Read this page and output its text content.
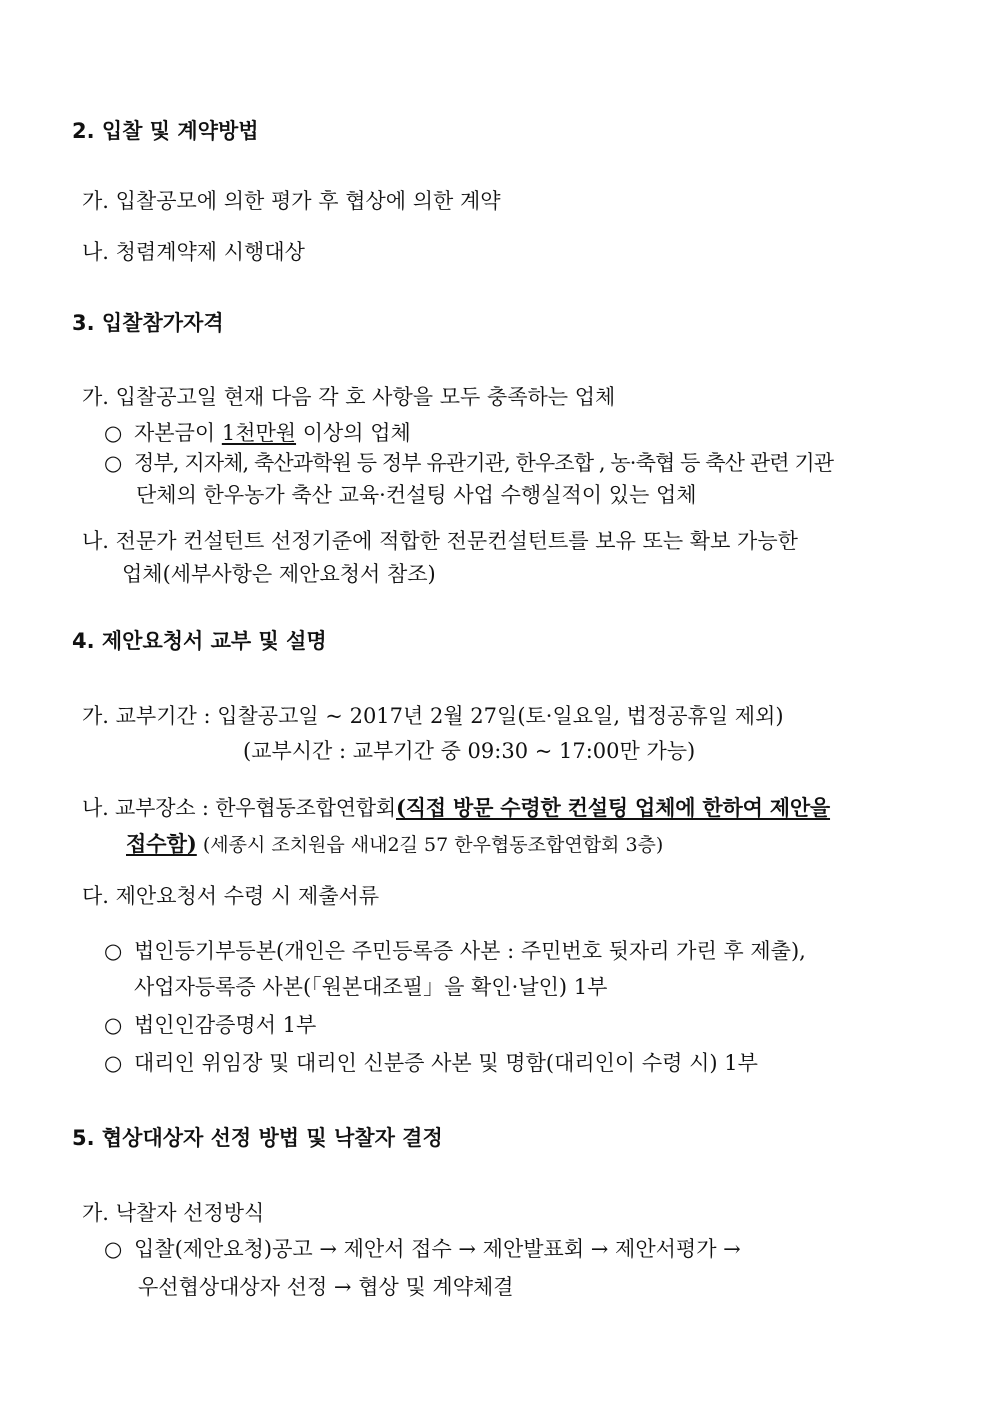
2. 입찰 및 계약방법
가. 입찰공모에 의한 평가 후 협상에 의한 계약
나. 청렴계약제 시행대상
3. 입찰참가자격
가. 입찰공고일 현재 다음 각 호 사항을 모두 충족하는 업체
○ 자본금이 1천만원 이상의 업체
○ 정부, 지자체, 축산과학원 등 정부 유관기관, 한우조합 , 농·축협 등 축산 관련 기관
단체의 한우농가 축산 교육·컨설팅 사업 수행실적이 있는 업체
나. 전문가 컨설턴트 선정기준에 적합한 전문컨설턴트를 보유 또는 확보 가능한
업체(세부사항은 제안요청서 참조)
4. 제안요청서 교부 및 설명
가. 교부기간 : 입찰공고일 ~ 2017년 2월 27일(토·일요일, 법정공휴일 제외)
(교부시간 : 교부기간 중 09:30 ~ 17:00만 가능)
나. 교부장소 : 한우협동조합연합회(직접 방문 수령한 컨설팅 업체에 한하여 제안을
접수함) (세종시 조치원읍 새내2길 57 한우협동조합연합회 3층)
다. 제안요청서 수령 시 제출서류
○ 법인등기부등본(개인은 주민등록증 사본 : 주민번호 뒷자리 가린 후 제출),
사업자등록증 사본(「원본대조필」을 확인·날인) 1부
○ 법인인감증명서 1부
○ 대리인 위임장 및 대리인 신분증 사본 및 명함(대리인이 수령 시) 1부
5. 협상대상자 선정 방법 및 낙찰자 결정
가. 낙찰자 선정방식
○ 입찰(제안요청)공고 → 제안서 접수 → 제안발표회 → 제안서평가 →
우선협상대상자 선정 → 협상 및 계약체결
